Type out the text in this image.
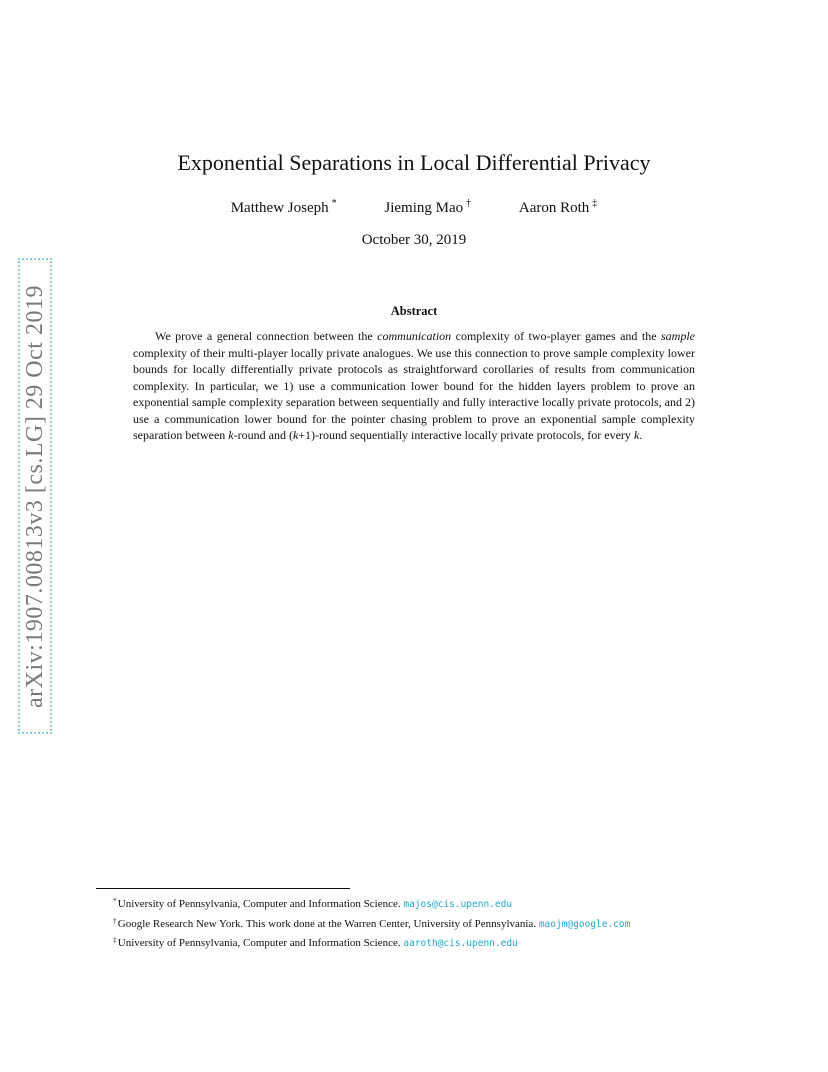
arXiv:1907.00813v3 [cs.LG] 29 Oct 2019
Exponential Separations in Local Differential Privacy
Matthew Joseph *	Jieming Mao †	Aaron Roth ‡
October 30, 2019
Abstract
We prove a general connection between the communication complexity of two-player games and the sample complexity of their multi-player locally private analogues. We use this connection to prove sample complexity lower bounds for locally differentially private protocols as straightforward corollaries of results from communication complexity. In particular, we 1) use a communication lower bound for the hidden layers problem to prove an exponential sample complexity separation between sequentially and fully interactive locally private protocols, and 2) use a communication lower bound for the pointer chasing problem to prove an exponential sample complexity separation between k-round and (k+1)-round sequentially interactive locally private protocols, for every k.
*University of Pennsylvania, Computer and Information Science. majos@cis.upenn.edu
†Google Research New York. This work done at the Warren Center, University of Pennsylvania. maojm@google.com
‡University of Pennsylvania, Computer and Information Science. aaroth@cis.upenn.edu
